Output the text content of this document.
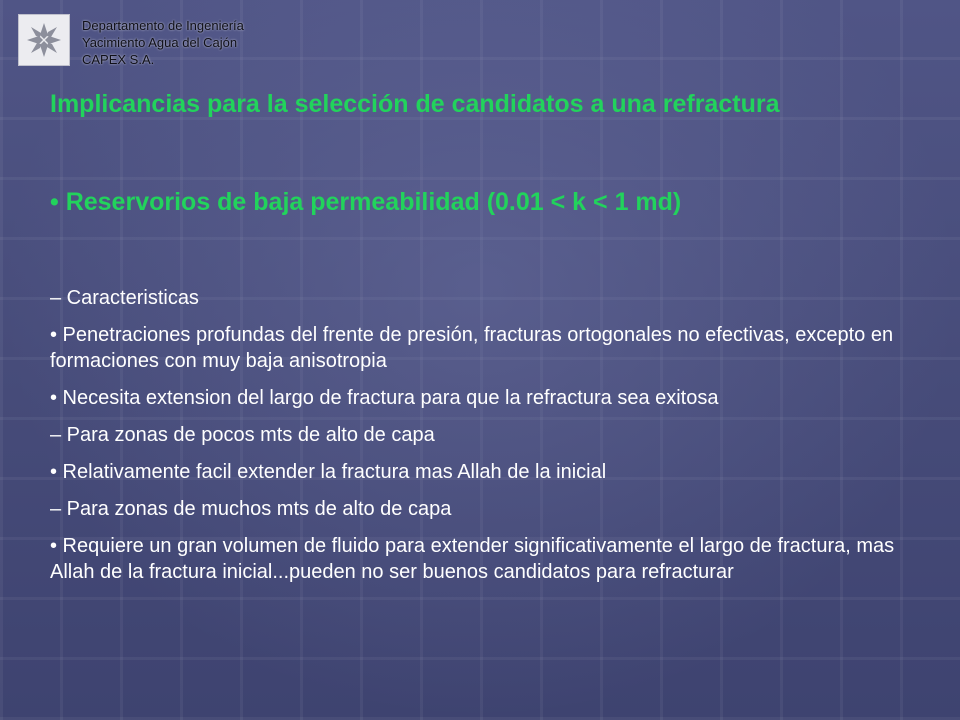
Departamento de Ingeniería
Yacimiento Agua del Cajón
CAPEX S.A.
Implicancias para la selección de candidatos a una refractura
• Reservorios de baja permeabilidad (0.01 < k < 1 md)

– Caracteristicas

• Penetraciones profundas del frente de presión, fracturas ortogonales no efectivas, excepto en formaciones con muy baja anisotropia

• Necesita extension del largo de fractura para que la refractura sea exitosa

– Para zonas de pocos mts de alto de capa

• Relativamente facil extender la fractura mas Allah de la inicial

– Para zonas de muchos mts de alto de capa

• Requiere un gran volumen de fluido para extender significativamente el largo de fractura, mas Allah de la fractura inicial...pueden no ser buenos candidatos para refracturar
